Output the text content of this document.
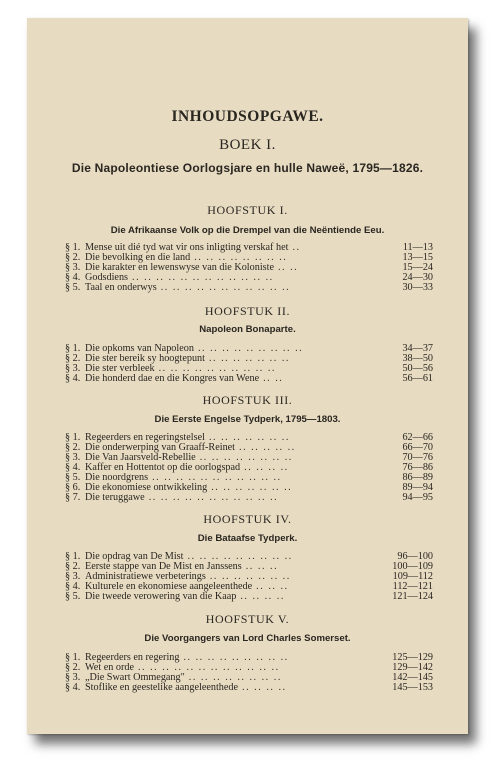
INHOUDSOPGAWE.
BOEK I.
Die Napoleontiese Oorlogsjare en hulle Naweë, 1795—1826.
HOOFSTUK I.
Die Afrikaanse Volk op die Drempel van die Neëntiende Eeu.
§ 1. Mense uit dié tyd wat vir ons inligting verskaf het ..	11—13
§ 2. Die bevolking en die land .. .. .. .. .. .. .. ..	13—15
§ 3. Die karakter en lewenswyse van die Koloniste .. ..	15—24
§ 4. Godsdiens .. .. .. .. .. .. .. .. .. .. .. ..	24—30
§ 5. Taal en onderwys .. .. .. .. .. .. .. .. .. .. ..	30—33
HOOFSTUK II.
Napoleon Bonaparte.
§ 1. Die opkoms van Napoleon .. .. .. .. .. .. .. .. ..	34—37
§ 2. Die ster bereik sy hoogtepunt .. .. .. .. .. .. ..	38—50
§ 3. Die ster verbleek .. .. .. .. .. .. .. .. .. ..	50—56
§ 4. Die honderd dae en die Kongres van Wene .. ..	56—61
HOOFSTUK III.
Die Eerste Engelse Tydperk, 1795—1803.
§ 1. Regeerders en regeringstelsel .. .. .. .. .. .. ..	62—66
§ 2. Die onderwerping van Graaff-Reinet .. .. .. .. ..	66—70
§ 3. Die Van Jaarsveld-Rebellie .. .. .. .. .. .. .. ..	70—76
§ 4. Kaffer en Hottentot op die oorlogspad .. .. .. ..	76—86
§ 5. Die noordgrens .. .. .. .. .. .. .. .. .. .. ..	86—89
§ 6. Die ekonomiese ontwikkeling .. .. .. .. .. .. ..	89—94
§ 7. Die teruggawe .. .. .. .. .. .. .. .. .. .. ..	94—95
HOOFSTUK IV.
Die Bataafse Tydperk.
§ 1. Die opdrag van De Mist .. .. .. .. .. .. .. .. ..	96—100
§ 2. Eerste stappe van De Mist en Janssens .. .. ..	100—109
§ 3. Administratiewe verbeterings .. .. .. .. .. .. ..	109—112
§ 4. Kulturele en ekonomiese aangeleenthede .. .. ..	112—121
§ 5. Die tweede verowering van die Kaap .. .. .. ..	121—124
HOOFSTUK V.
Die Voorgangers van Lord Charles Somerset.
§ 1. Regeerders en regering .. .. .. .. .. .. .. .. ..	125—129
§ 2. Wet en orde .. .. .. .. .. .. .. .. .. .. .. ..	129—142
§ 3. „Die Swart Ommegang" .. .. .. .. .. .. .. ..	142—145
§ 4. Stoflike en geestelike aangeleenthede .. .. .. ..	145—153
